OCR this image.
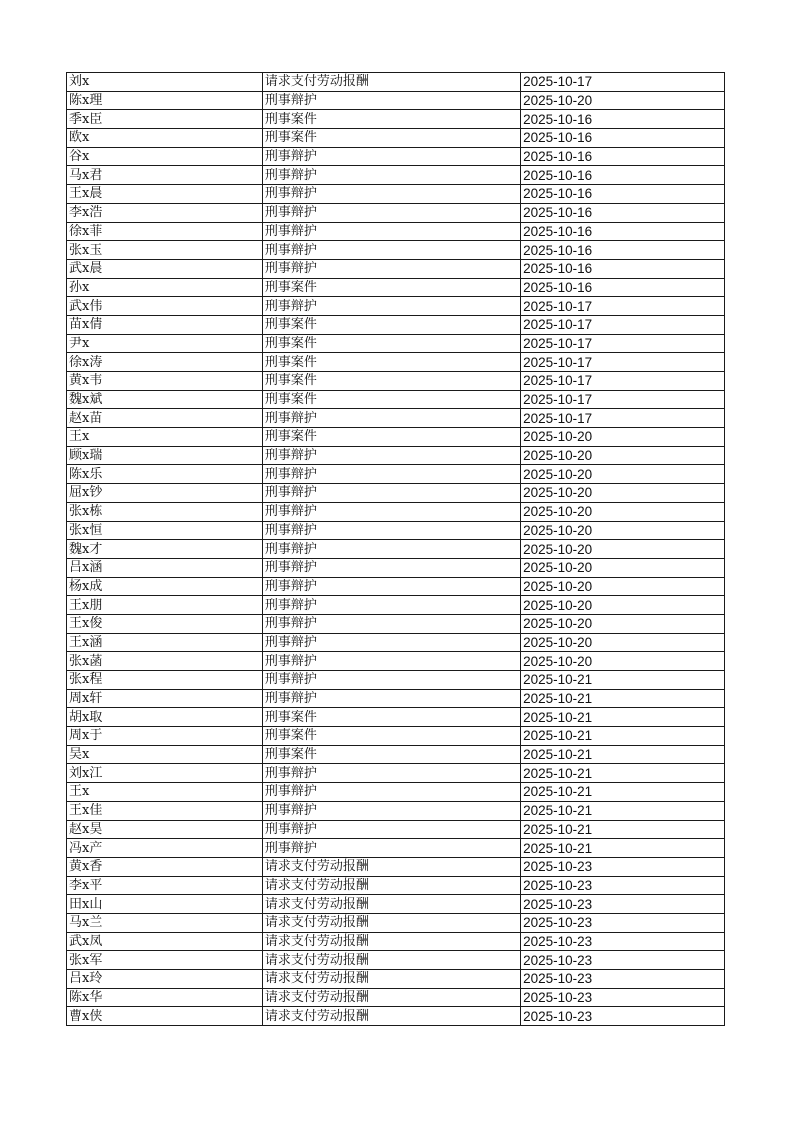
刘x	请求支付劳动报酬	2025-10-17
陈x理	刑事辩护	2025-10-20
季x臣	刑事案件	2025-10-16
欧x	刑事案件	2025-10-16
谷x	刑事辩护	2025-10-16
马x君	刑事辩护	2025-10-16
王x晨	刑事辩护	2025-10-16
李x浩	刑事辩护	2025-10-16
徐x菲	刑事辩护	2025-10-16
张x玉	刑事辩护	2025-10-16
武x晨	刑事辩护	2025-10-16
孙x	刑事案件	2025-10-16
武x伟	刑事辩护	2025-10-17
苗x倩	刑事案件	2025-10-17
尹x	刑事案件	2025-10-17
徐x涛	刑事案件	2025-10-17
黄x韦	刑事案件	2025-10-17
魏x斌	刑事案件	2025-10-17
赵x苗	刑事辩护	2025-10-17
王x	刑事案件	2025-10-20
顾x瑞	刑事辩护	2025-10-20
陈x乐	刑事辩护	2025-10-20
屈x钞	刑事辩护	2025-10-20
张x栋	刑事辩护	2025-10-20
张x恒	刑事辩护	2025-10-20
魏x才	刑事辩护	2025-10-20
吕x涵	刑事辩护	2025-10-20
杨x成	刑事辩护	2025-10-20
王x朋	刑事辩护	2025-10-20
王x俊	刑事辩护	2025-10-20
王x涵	刑事辩护	2025-10-20
张x菡	刑事辩护	2025-10-20
张x程	刑事辩护	2025-10-21
周x轩	刑事辩护	2025-10-21
胡x取	刑事案件	2025-10-21
周x于	刑事案件	2025-10-21
吴x	刑事案件	2025-10-21
刘x江	刑事辩护	2025-10-21
王x	刑事辩护	2025-10-21
王x佳	刑事辩护	2025-10-21
赵x昊	刑事辩护	2025-10-21
冯x产	刑事辩护	2025-10-21
黄x香	请求支付劳动报酬	2025-10-23
李x平	请求支付劳动报酬	2025-10-23
田x山	请求支付劳动报酬	2025-10-23
马x兰	请求支付劳动报酬	2025-10-23
武x凤	请求支付劳动报酬	2025-10-23
张x军	请求支付劳动报酬	2025-10-23
吕x玲	请求支付劳动报酬	2025-10-23
陈x华	请求支付劳动报酬	2025-10-23
曹x侠	请求支付劳动报酬	2025-10-23
